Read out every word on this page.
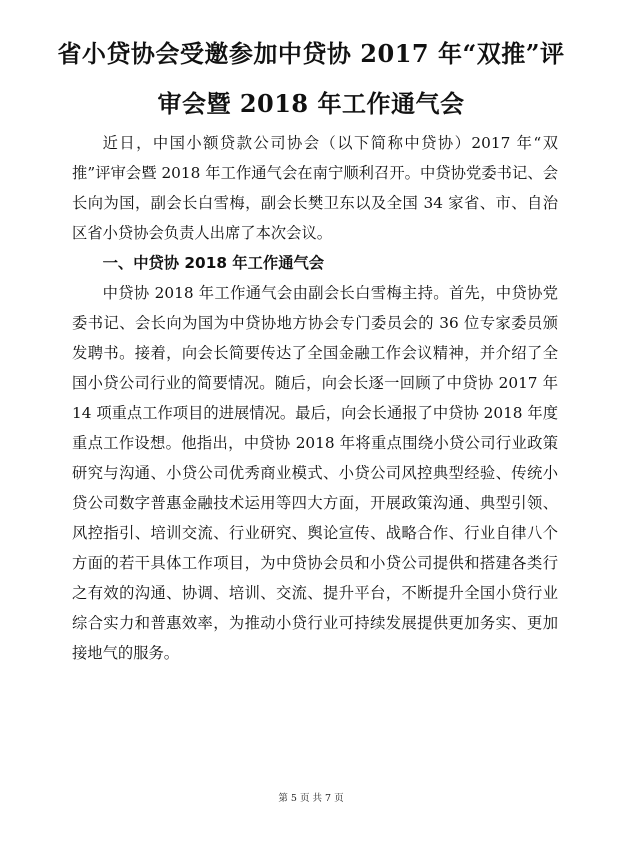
省小贷协会受邀参加中贷协 2017 年“双推”评
审会暨 2018 年工作通气会

近日，中国小额贷款公司协会（以下简称中贷协）2017 年“双推”评审会暨 2018 年工作通气会在南宁顺利召开。中贷协党委书记、会长向为国，副会长白雪梅，副会长樊卫东以及全国 34 家省、市、自治区省小贷协会负责人出席了本次会议。

一、中贷协 2018 年工作通气会

中贷协 2018 年工作通气会由副会长白雪梅主持。首先，中贷协党委书记、会长向为国为中贷协地方协会专门委员会的 36 位专家委员颁发聘书。接着，向会长简要传达了全国金融工作会议精神，并介绍了全国小贷公司行业的简要情况。随后，向会长逐一回顾了中贷协 2017 年 14 项重点工作项目的进展情况。最后，向会长通报了中贷协 2018 年度重点工作设想。他指出，中贷协 2018 年将重点围绕小贷公司行业政策研究与沟通、小贷公司优秀商业模式、小贷公司风控典型经验、传统小贷公司数字普惠金融技术运用等四大方面，开展政策沟通、典型引领、风控指引、培训交流、行业研究、舆论宣传、战略合作、行业自律八个方面的若干具体工作项目，为中贷协会员和小贷公司提供和搭建各类行之有效的沟通、协调、培训、交流、提升平台，不断提升全国小贷行业综合实力和普惠效率，为推动小贷行业可持续发展提供更加务实、更加接地气的服务。

第 5 页 共 7 页
